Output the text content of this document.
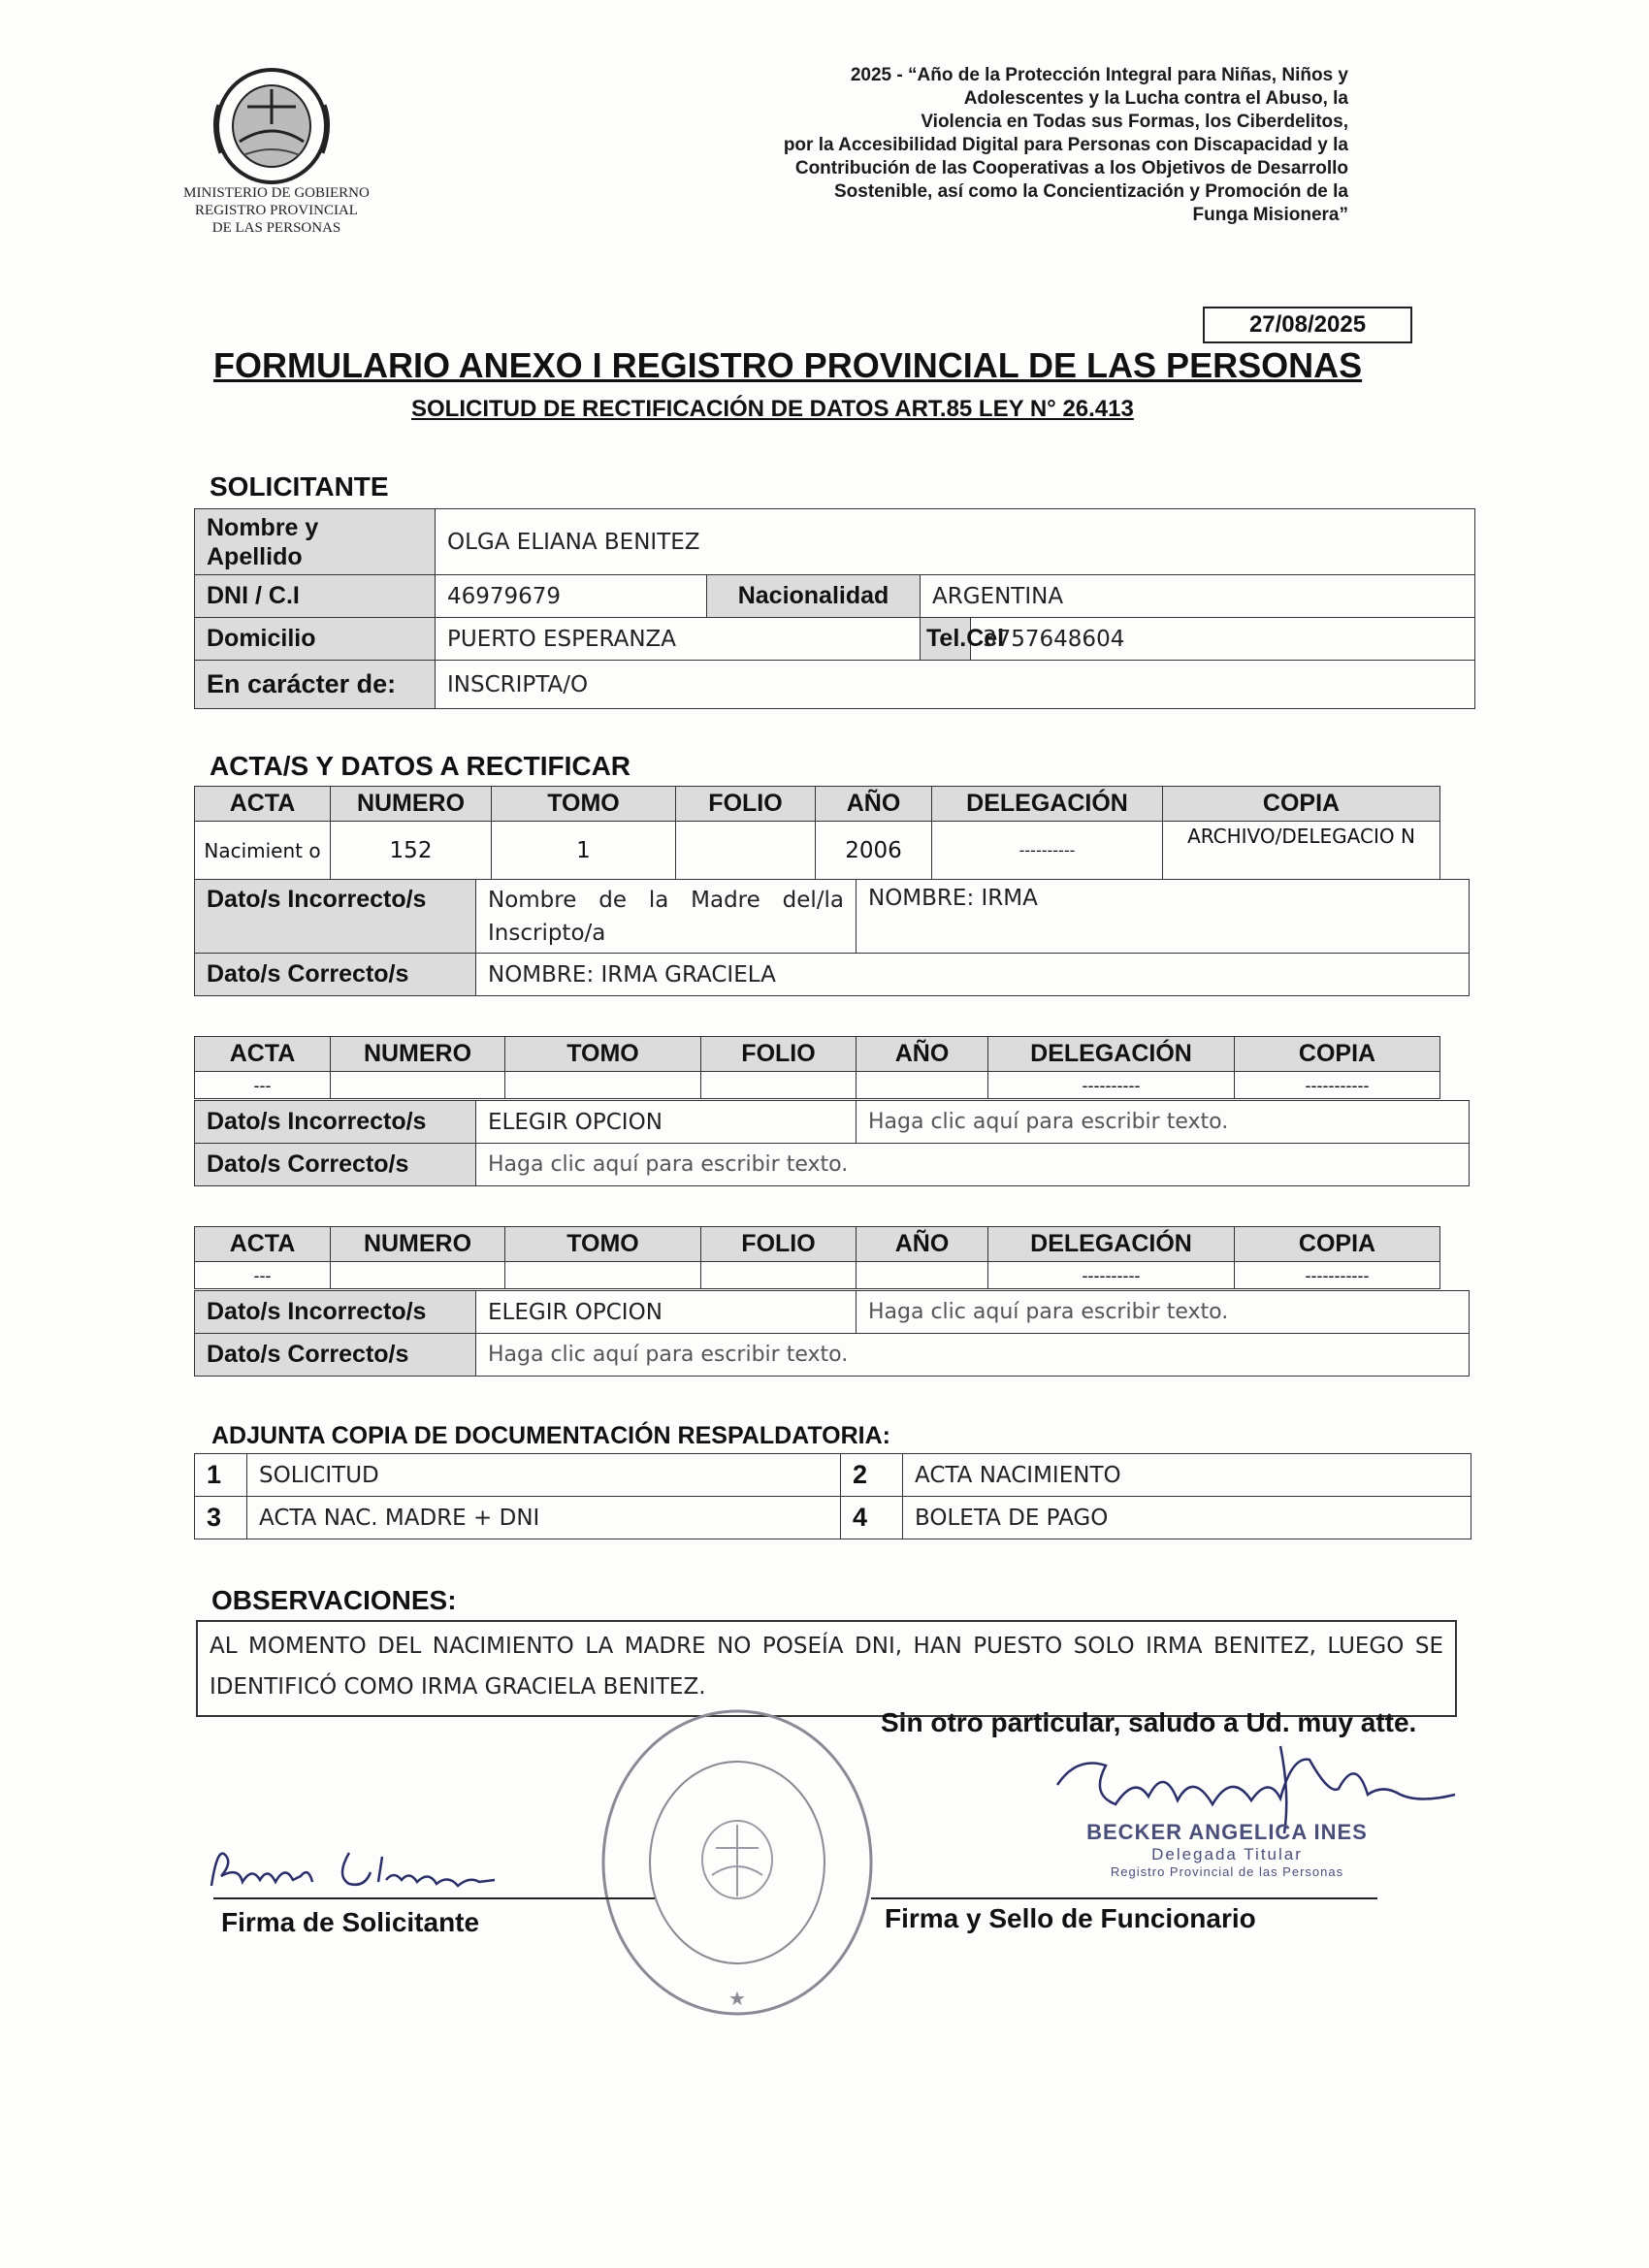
MINISTERIO DE GOBIERNO
REGISTRO PROVINCIAL
DE LAS PERSONAS
2025 - “Año de la Protección Integral para Niñas, Niños y
Adolescentes y la Lucha contra el Abuso, la
Violencia en Todas sus Formas, los Ciberdelitos,
por la Accesibilidad Digital para Personas con Discapacidad y la
Contribución de las Cooperativas a los Objetivos de Desarrollo
Sostenible, así como la Concientización y Promoción de la
Funga Misionera”
27/08/2025
FORMULARIO ANEXO I REGISTRO PROVINCIAL DE LAS PERSONAS
SOLICITUD DE RECTIFICACIÓN DE DATOS ART.85 LEY N° 26.413
SOLICITANTE
Nombre y Apellido	OLGA ELIANA BENITEZ			
DNI / C.I	46979679	Nacionalidad	ARGENTINA	
Domicilio	PUERTO ESPERANZA		Tel.Cel	3757648604
En carácter de:	INSCRIPTA/O			
ACTA/S Y DATOS A RECTIFICAR
ACTA	NUMERO	TOMO	FOLIO	AÑO	DELEGACIÓN	COPIA
Nacimient o	152	1		2006	----------	ARCHIVO/DELEGACIO N
Dato/s Incorrecto/s	Nombre de la Madre del/la Inscripto/a	NOMBRE: IRMA
Dato/s Correcto/s	NOMBRE: IRMA GRACIELA	
ACTA	NUMERO	TOMO	FOLIO	AÑO	DELEGACIÓN	COPIA
---					----------	-----------
Dato/s Incorrecto/s	ELEGIR OPCION	Haga clic aquí para escribir texto.
Dato/s Correcto/s	Haga clic aquí para escribir texto.	
ACTA	NUMERO	TOMO	FOLIO	AÑO	DELEGACIÓN	COPIA
---					----------	-----------
Dato/s Incorrecto/s	ELEGIR OPCION	Haga clic aquí para escribir texto.
Dato/s Correcto/s	Haga clic aquí para escribir texto.	
ADJUNTA COPIA DE DOCUMENTACIÓN RESPALDATORIA:
1	SOLICITUD	2	ACTA NACIMIENTO
3	ACTA NAC. MADRE + DNI	4	BOLETA DE PAGO
OBSERVACIONES:
AL MOMENTO DEL NACIMIENTO LA MADRE NO POSEÍA DNI, HAN PUESTO SOLO IRMA BENITEZ, LUEGO SE IDENTIFICÓ COMO IRMA GRACIELA BENITEZ.
★
Sin otro particular, saludo a Ud. muy atte.
Firma de Solicitante
BECKER ANGELICA INES
Delegada Titular
Registro Provincial de las Personas
Firma y Sello de Funcionario
